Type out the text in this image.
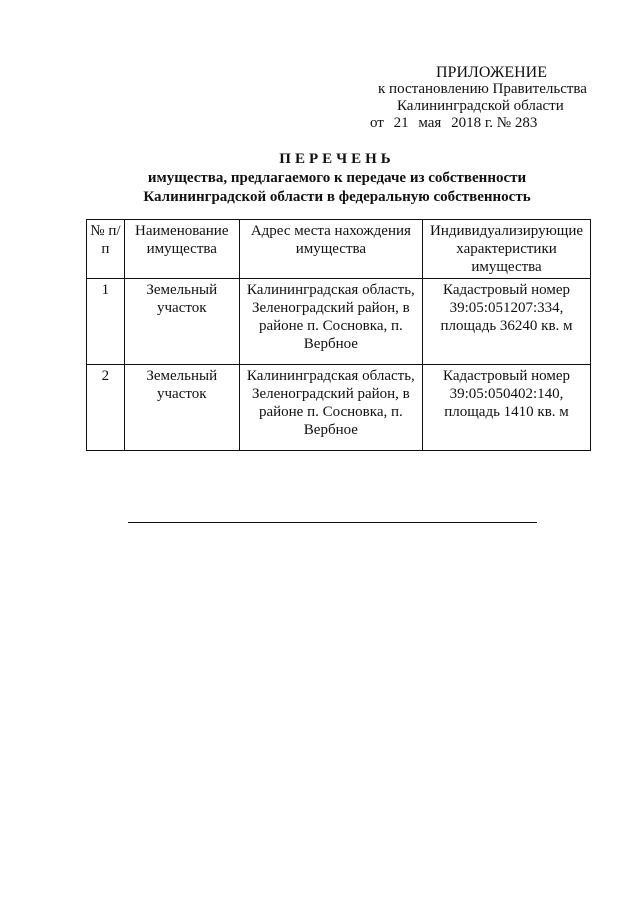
ПРИЛОЖЕНИЕ
к постановлению Правительства
Калининградской области
от 21 мая 2018 г. № 283
ПЕРЕЧЕНЬ
имущества, предлагаемого к передаче из собственности
Калининградской области в федеральную собственность
№ п/п	Наименование имущества	Адрес места нахождения имущества	Индивидуализирующие характеристики имущества
1	Земельный участок	Калининградская область, Зеленоградский район, в районе п. Сосновка, п. Вербное	Кадастровый номер 39:05:051207:334, площадь 36240 кв. м
2	Земельный участок	Калининградская область, Зеленоградский район, в районе п. Сосновка, п. Вербное	Кадастровый номер 39:05:050402:140, площадь 1410 кв. м
